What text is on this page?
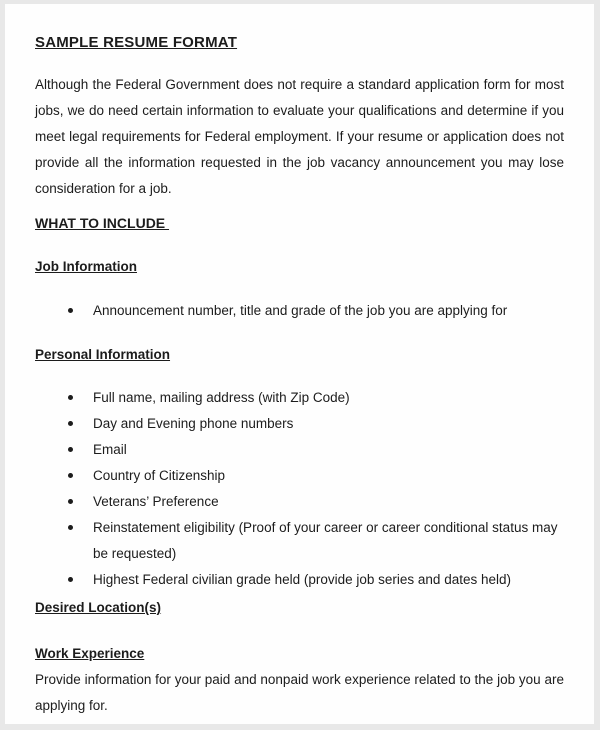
SAMPLE RESUME FORMAT

Although the Federal Government does not require a standard application form for most jobs, we do need certain information to evaluate your qualifications and determine if you meet legal requirements for Federal employment. If your resume or application does not provide all the information requested in the job vacancy announcement you may lose consideration for a job.

WHAT TO INCLUDE
Job Information
Announcement number, title and grade of the job you are applying for
Personal Information
Full name, mailing address (with Zip Code)
Day and Evening phone numbers
Email
Country of Citizenship
Veterans’ Preference
Reinstatement eligibility (Proof of your career or career conditional status may be requested)
Highest Federal civilian grade held (provide job series and dates held)
Desired Location(s)
Work Experience

Provide information for your paid and nonpaid work experience related to the job you are applying for.
